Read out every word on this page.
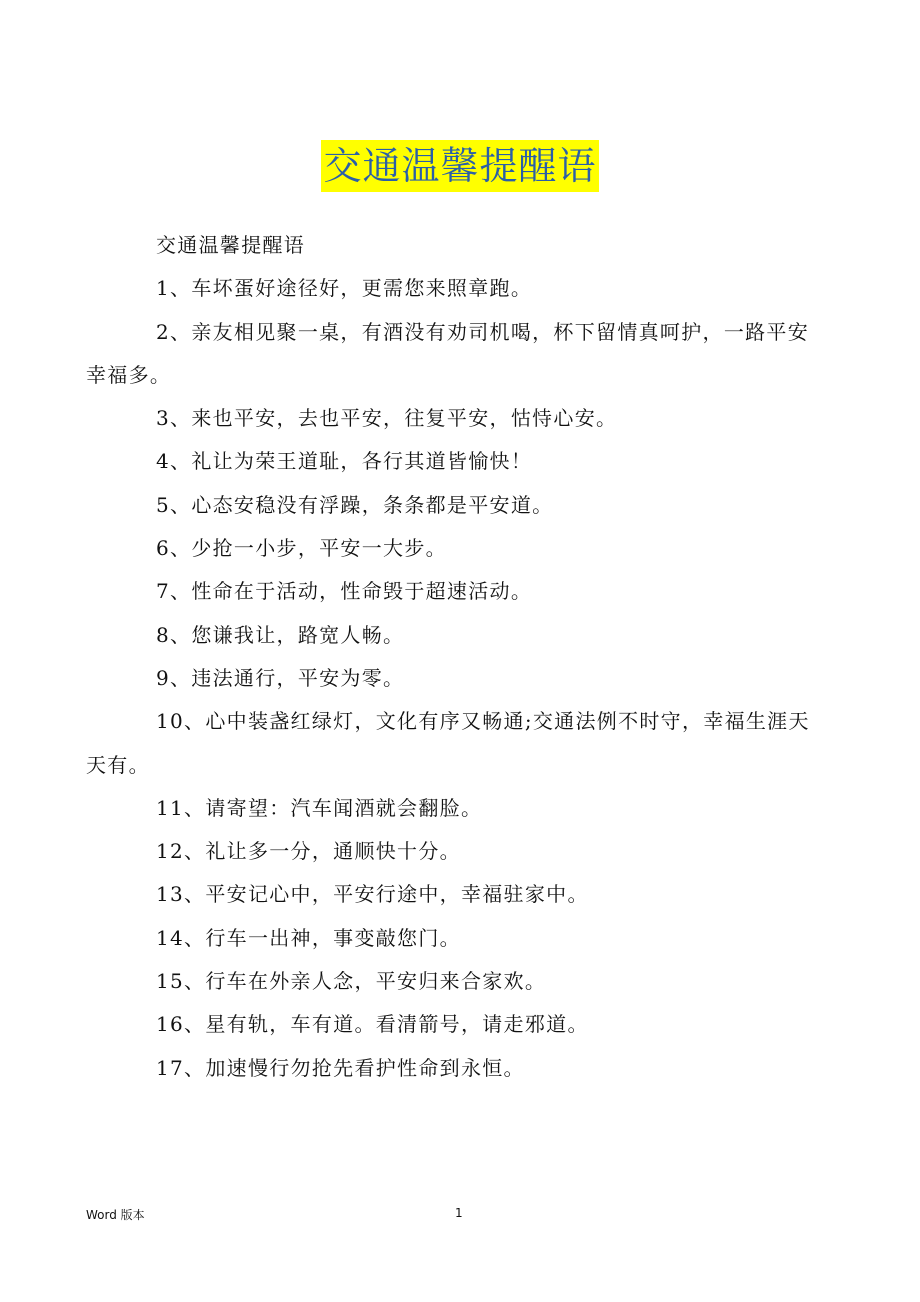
交通温馨提醒语

交通温馨提醒语

1、车坏蛋好途径好，更需您来照章跑。

2、亲友相见聚一桌，有酒没有劝司机喝，杯下留情真呵护，一路平安幸福多。

3、来也平安，去也平安，往复平安，怙恃心安。

4、礼让为荣王道耻，各行其道皆愉快！

5、心态安稳没有浮躁，条条都是平安道。

6、少抢一小步，平安一大步。

7、性命在于活动，性命毁于超速活动。

8、您谦我让，路宽人畅。

9、违法通行，平安为零。

10、心中装盏红绿灯，文化有序又畅通;交通法例不时守，幸福生涯天天有。

11、请寄望：汽车闻酒就会翻脸。

12、礼让多一分，通顺快十分。

13、平安记心中，平安行途中，幸福驻家中。

14、行车一出神，事变敲您门。

15、行车在外亲人念，平安归来合家欢。

16、星有轨，车有道。看清箭号，请走邪道。

17、加速慢行勿抢先看护性命到永恒。

Word 版本	1
